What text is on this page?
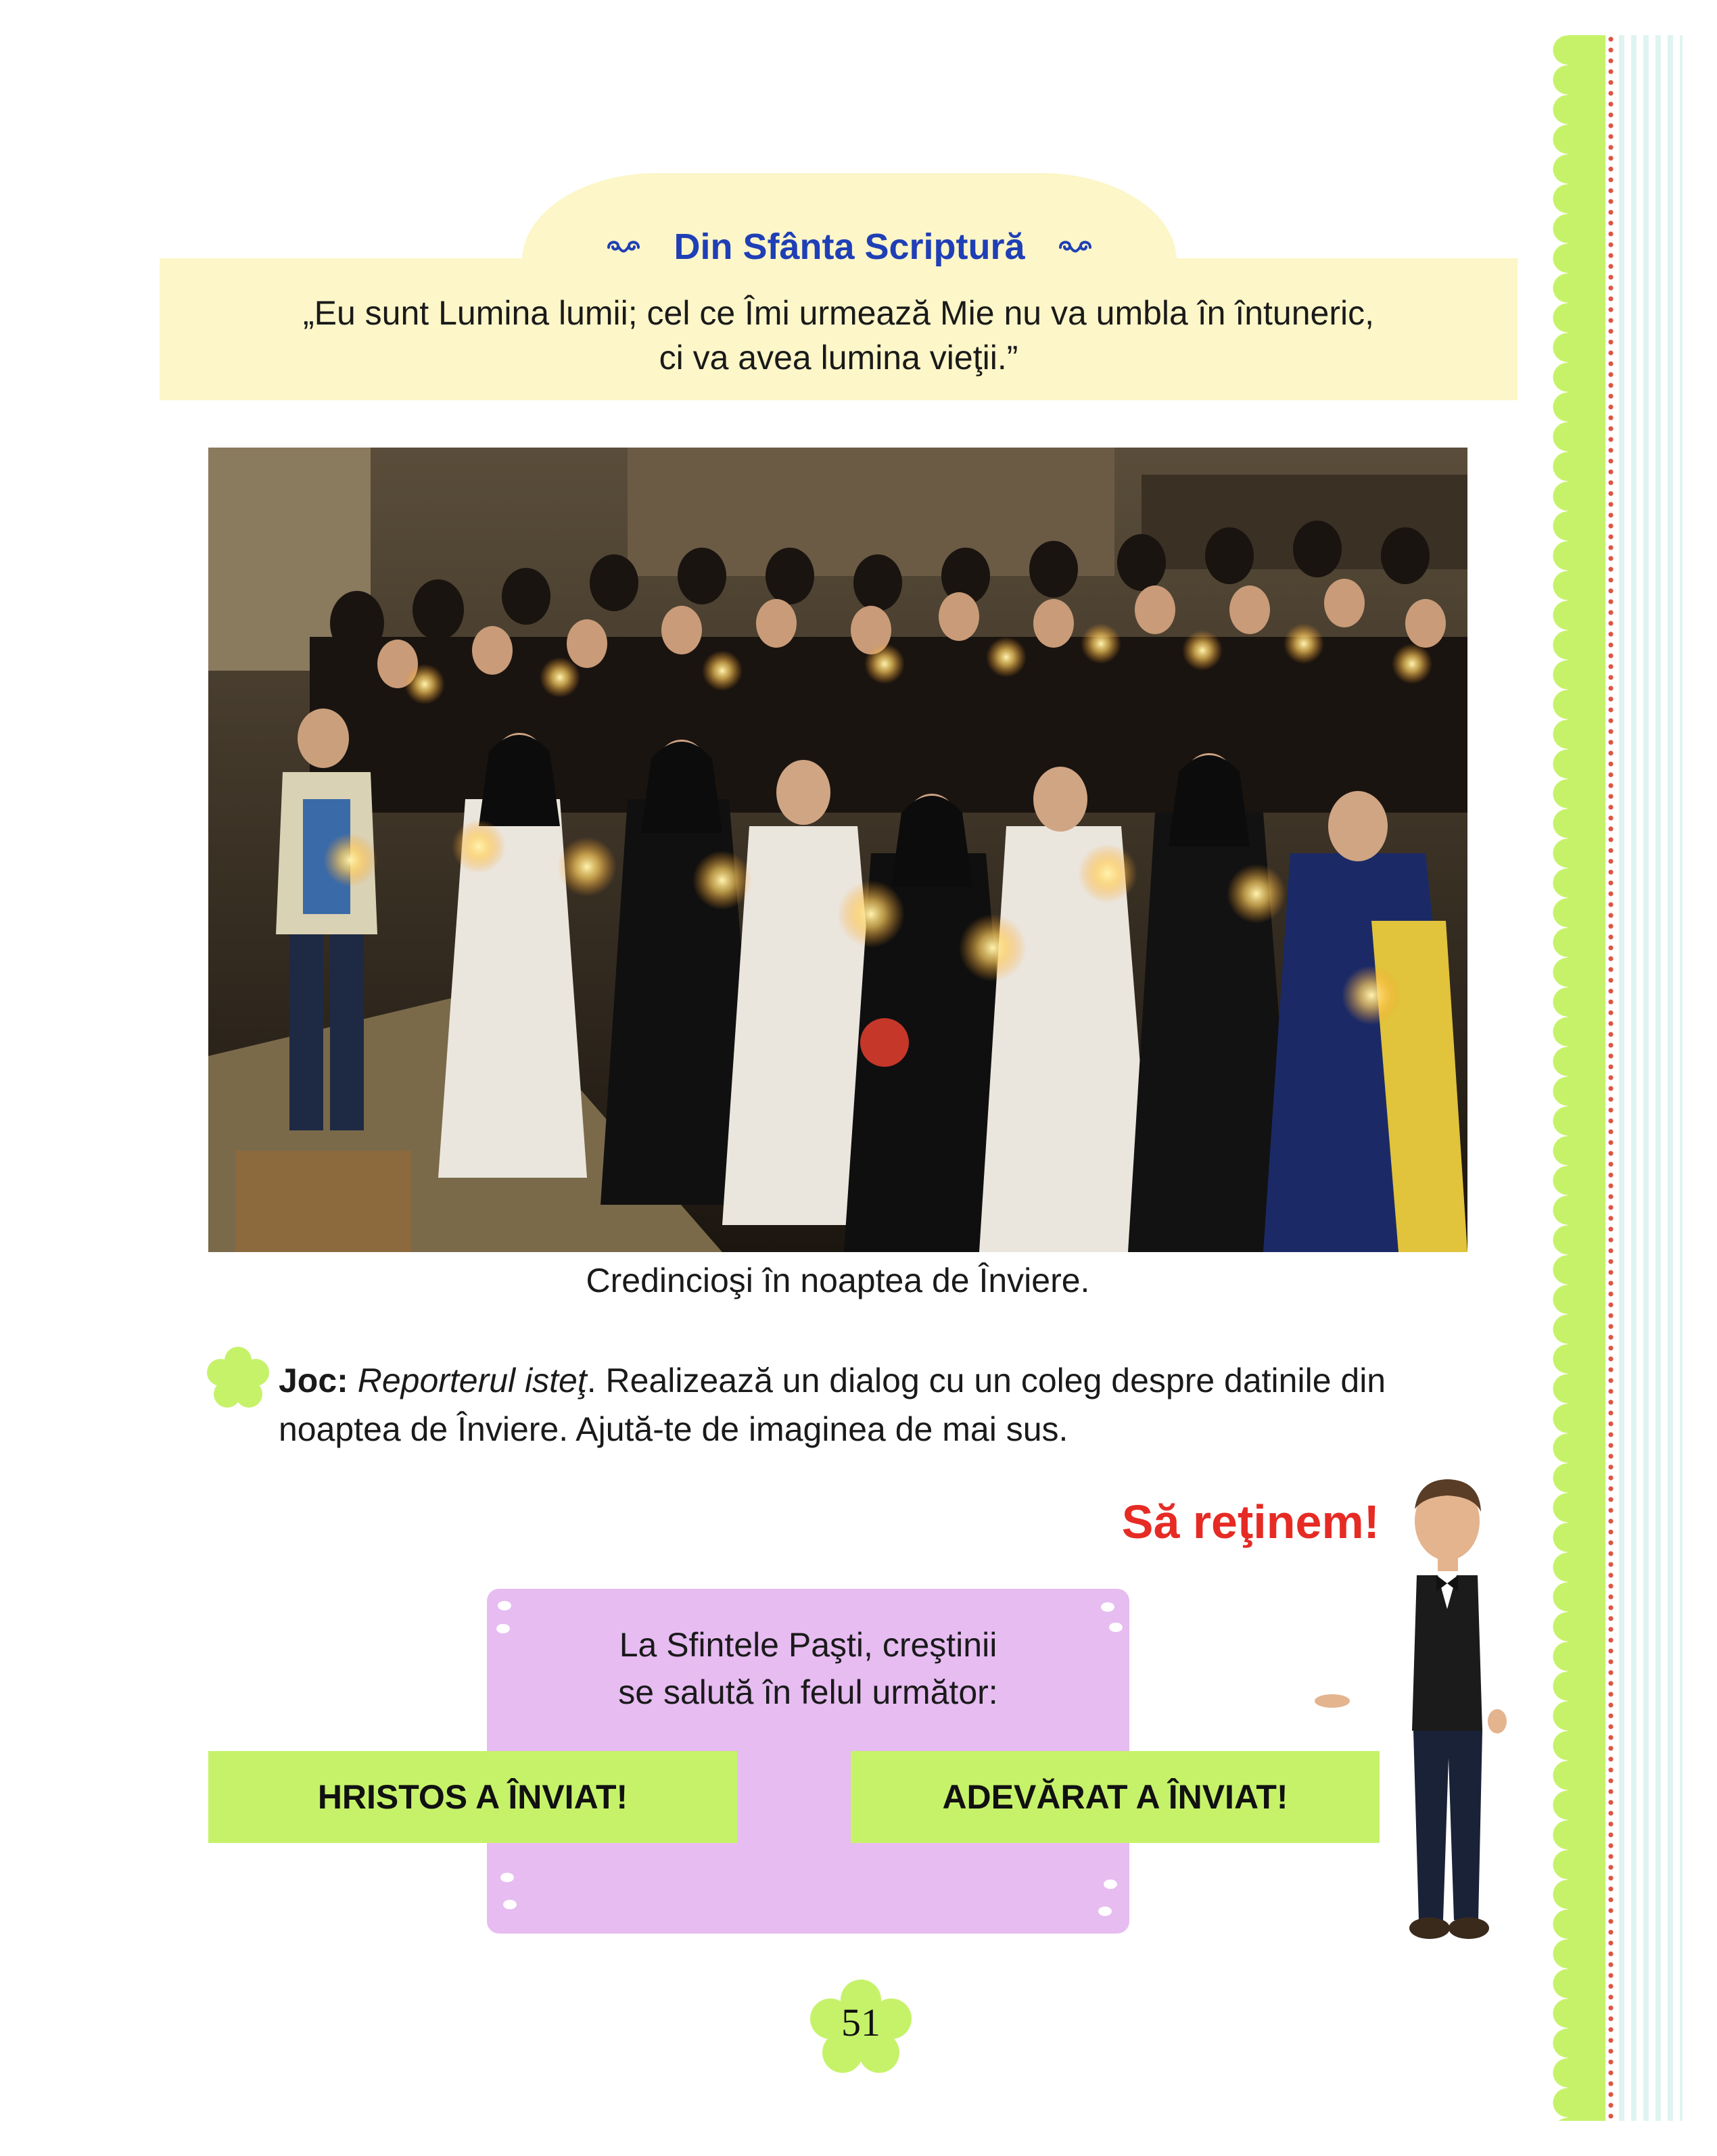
Din Sfânta Scriptură
„Eu sunt Lumina lumii; cel ce Îmi urmează Mie nu va umbla în întuneric,
ci va avea lumina vieţii.”
Credincioşi în noaptea de Înviere.
Joc: Reporterul isteţ. Realizează un dialog cu un coleg despre datinile din
noaptea de Înviere. Ajută-te de imaginea de mai sus.
Să reţinem!
La Sfintele Paşti, creştinii
se salută în felul următor:
HRISTOS A ÎNVIAT!	ADEVĂRAT A ÎNVIAT!
51
